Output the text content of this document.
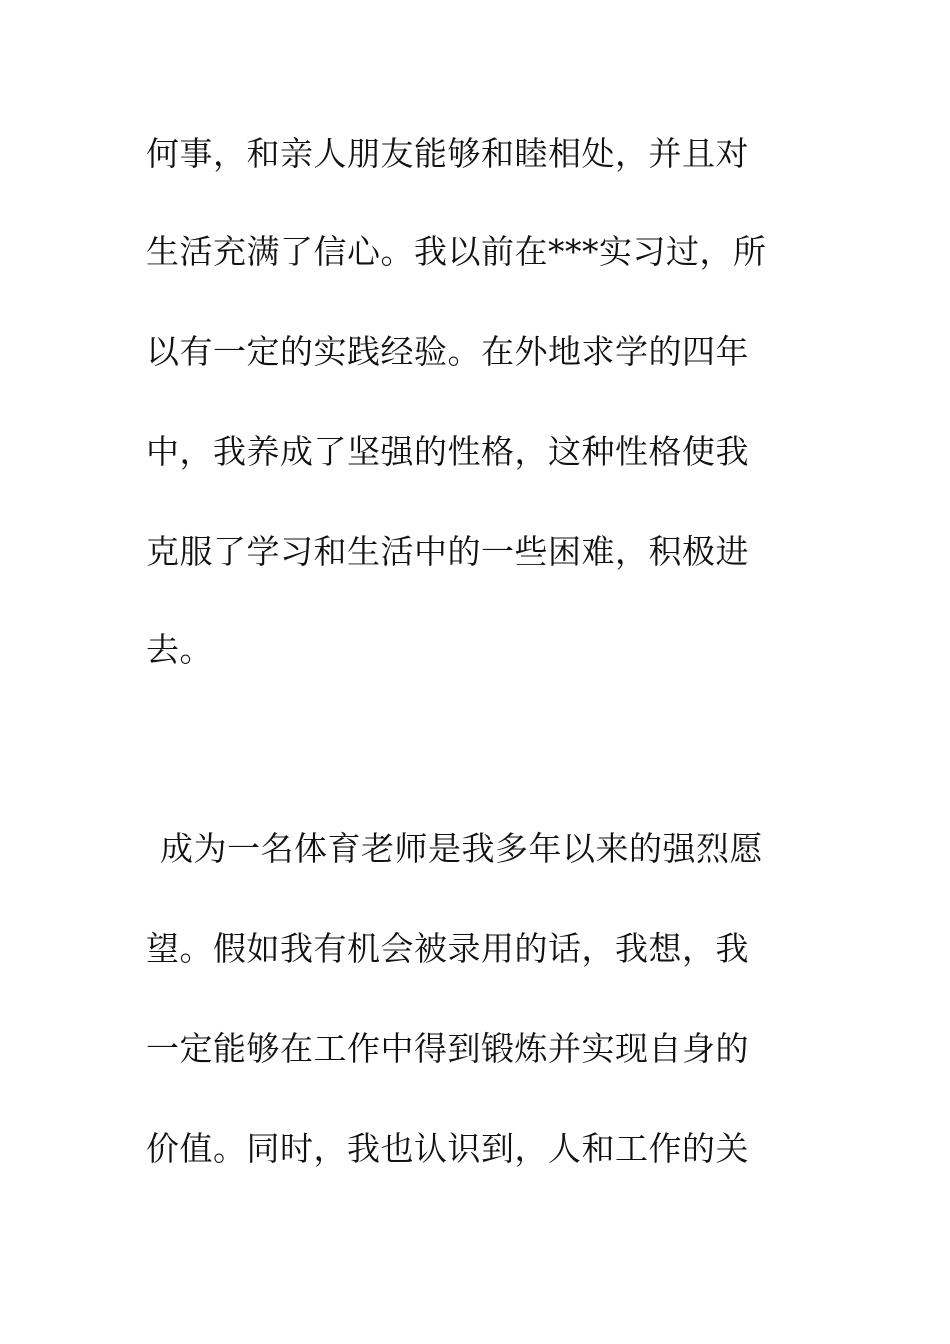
何事，和亲人朋友能够和睦相处，并且对
生活充满了信心。我以前在***实习过，所
以有一定的实践经验。在外地求学的四年
中，我养成了坚强的性格，这种性格使我
克服了学习和生活中的一些困难，积极进
去。
成为一名体育老师是我多年以来的强烈愿
望。假如我有机会被录用的话，我想，我
一定能够在工作中得到锻炼并实现自身的
价值。同时，我也认识到，人和工作的关
